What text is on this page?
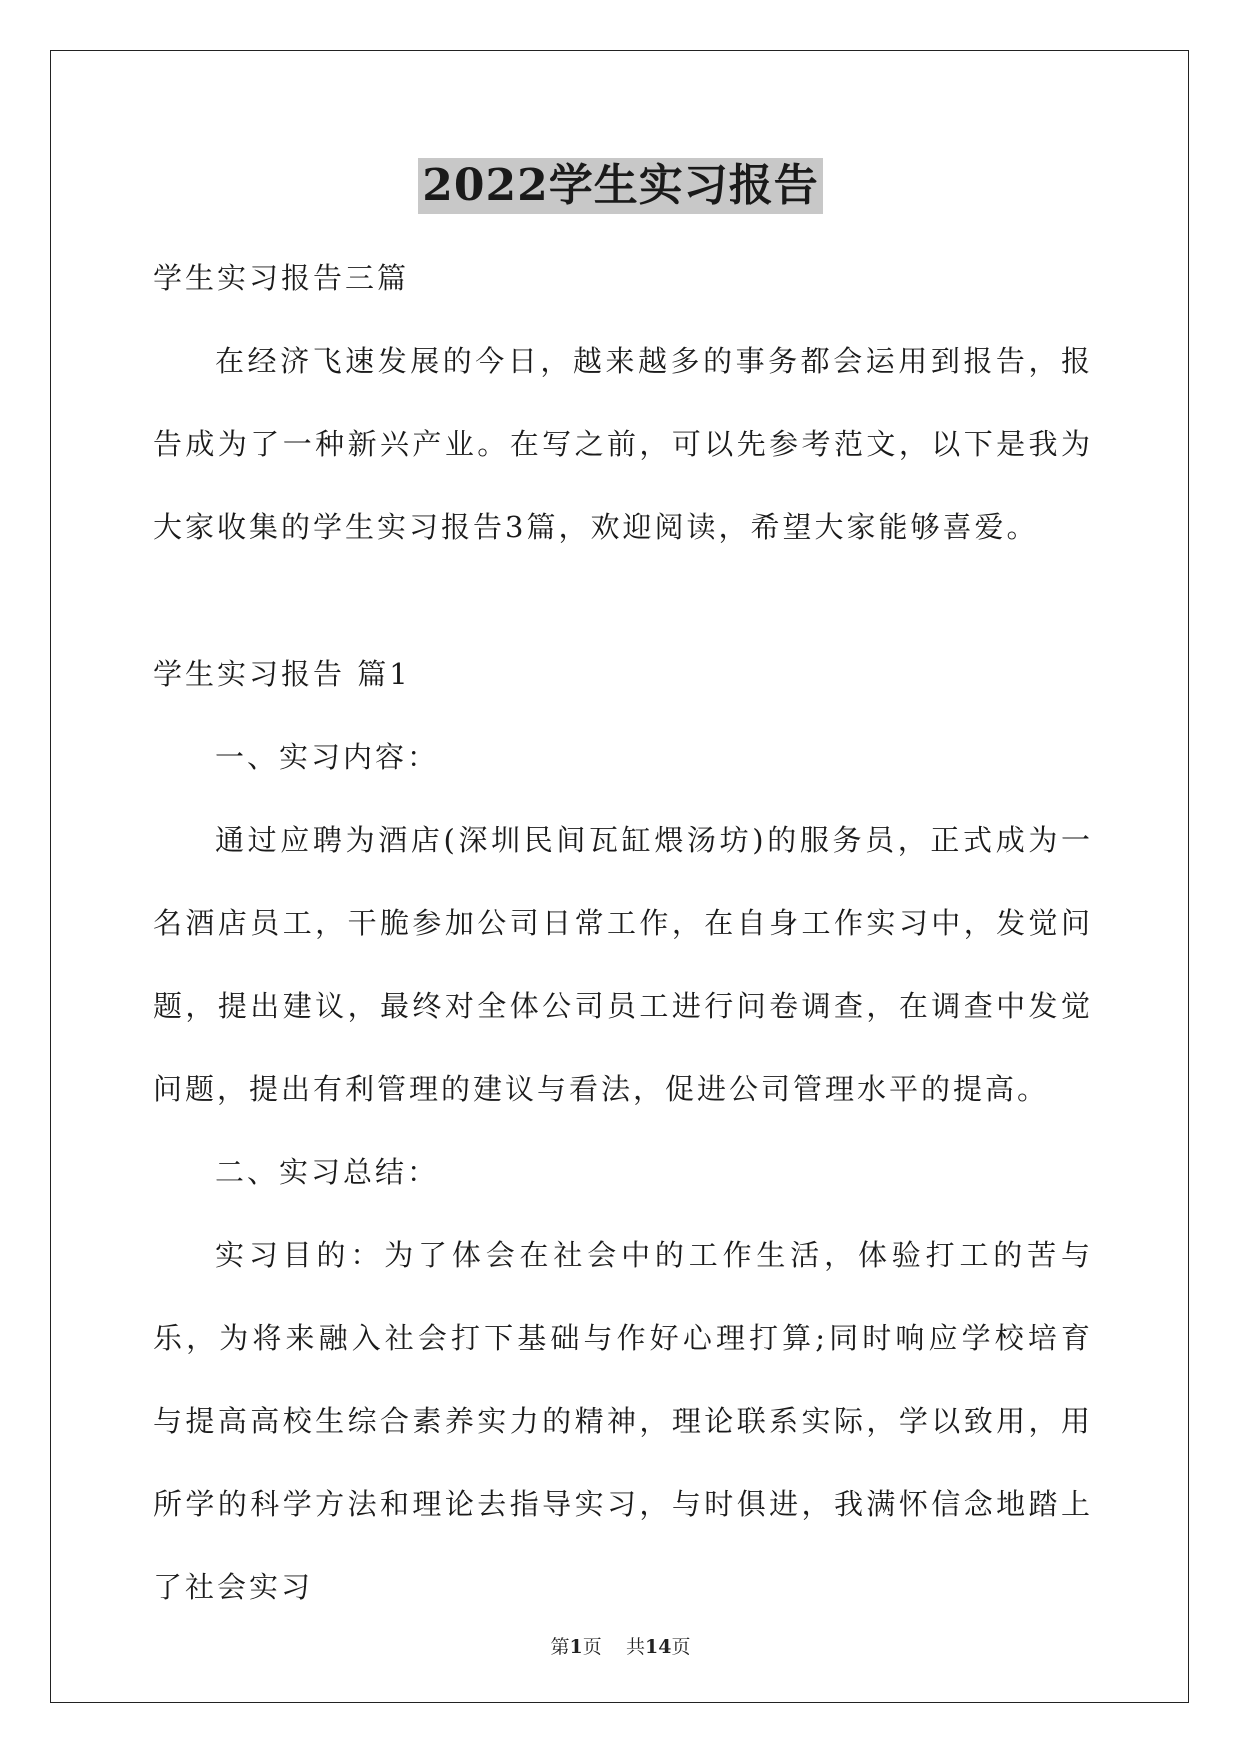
2022学生实习报告

学生实习报告三篇

在经济飞速发展的今日，越来越多的事务都会运用到报告，报告成为了一种新兴产业。在写之前，可以先参考范文，以下是我为大家收集的学生实习报告3篇，欢迎阅读，希望大家能够喜爱。

学生实习报告 篇1

一、实习内容：

通过应聘为酒店(深圳民间瓦缸煨汤坊)的服务员，正式成为一名酒店员工，干脆参加公司日常工作，在自身工作实习中，发觉问题，提出建议，最终对全体公司员工进行问卷调查，在调查中发觉问题，提出有利管理的建议与看法，促进公司管理水平的提高。

二、实习总结：

实习目的：为了体会在社会中的工作生活，体验打工的苦与乐，为将来融入社会打下基础与作好心理打算;同时响应学校培育与提高高校生综合素养实力的精神，理论联系实际，学以致用，用所学的科学方法和理论去指导实习，与时俱进，我满怀信念地踏上了社会实习

第1页 共14页
